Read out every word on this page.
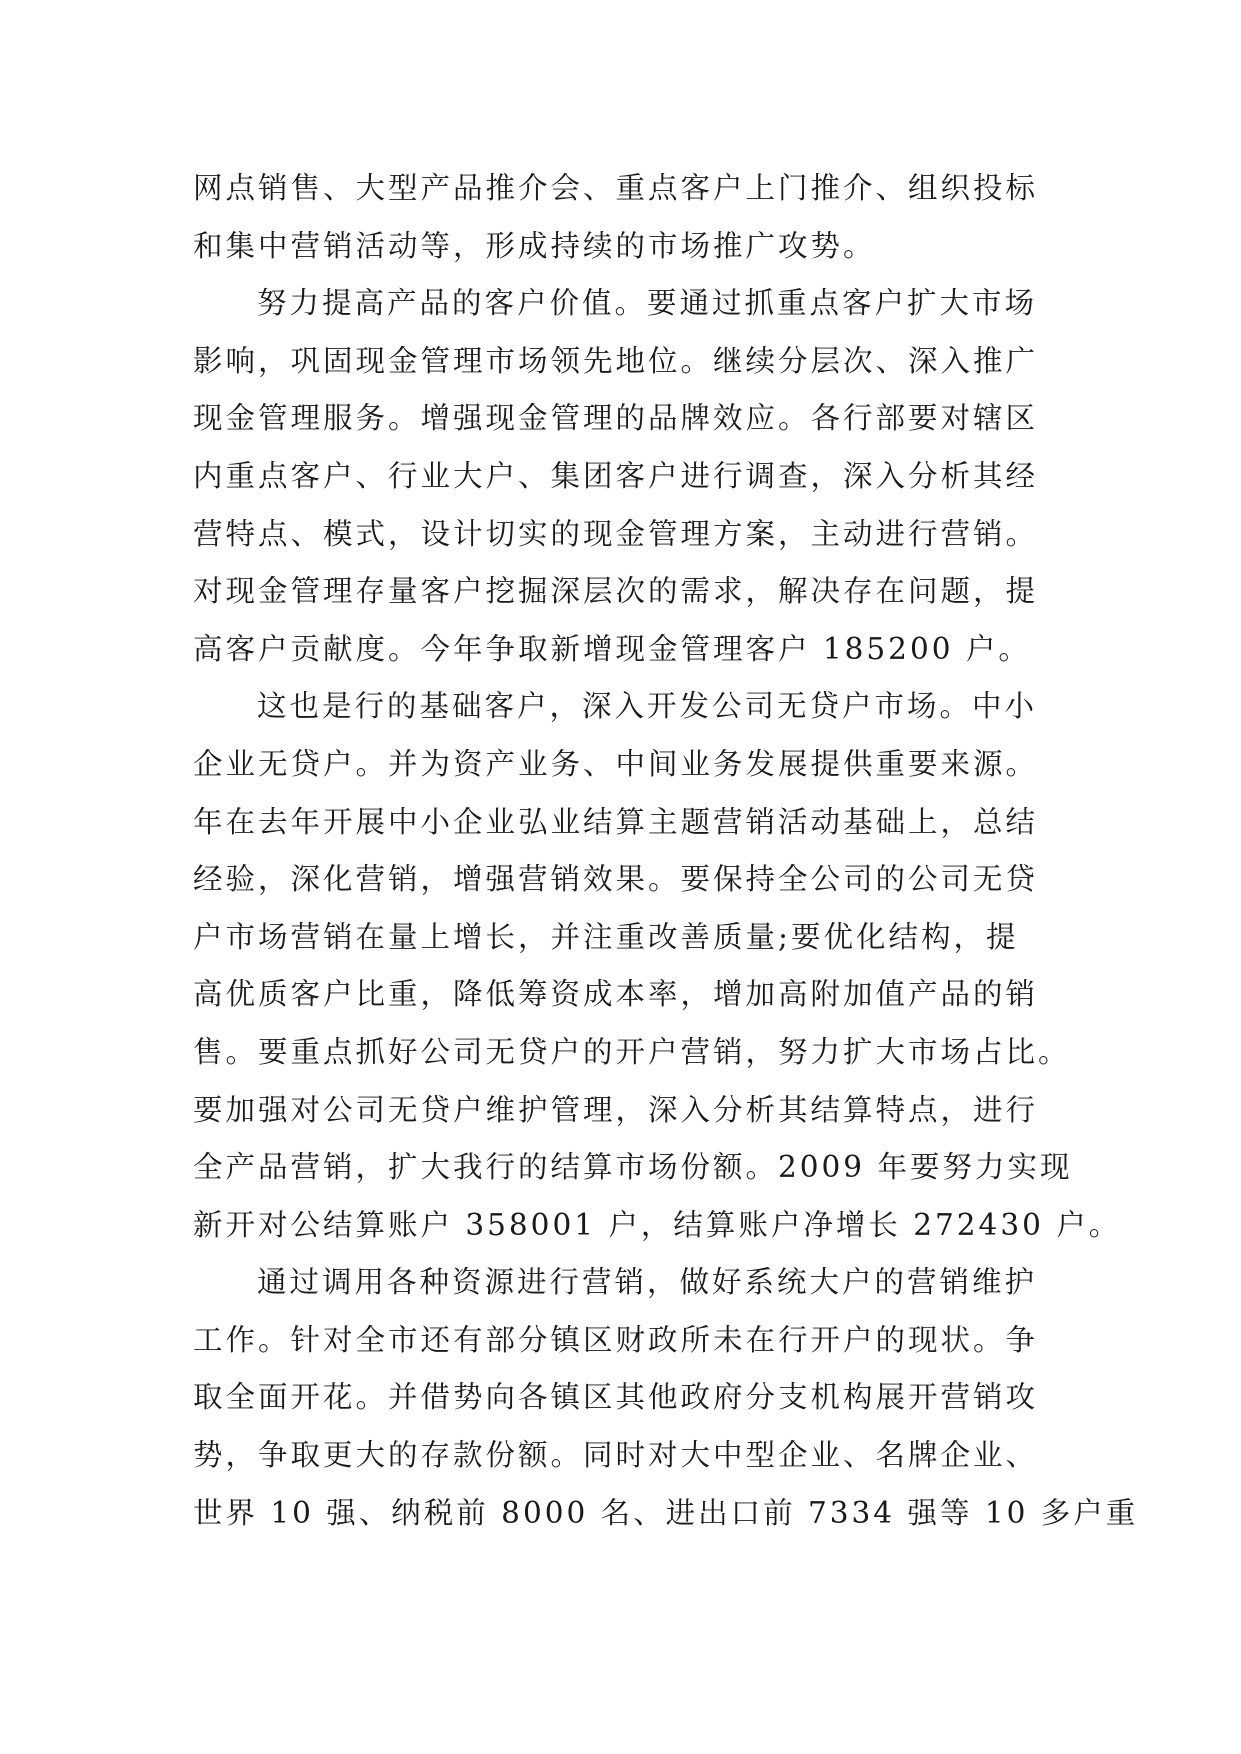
网点销售、大型产品推介会、重点客户上门推介、组织投标
和集中营销活动等，形成持续的市场推广攻势。
努力提高产品的客户价值。要通过抓重点客户扩大市场
影响，巩固现金管理市场领先地位。继续分层次、深入推广
现金管理服务。增强现金管理的品牌效应。各行部要对辖区
内重点客户、行业大户、集团客户进行调查，深入分析其经
营特点、模式，设计切实的现金管理方案，主动进行营销。
对现金管理存量客户挖掘深层次的需求，解决存在问题，提
高客户贡献度。今年争取新增现金管理客户 185200 户。
这也是行的基础客户，深入开发公司无贷户市场。中小
企业无贷户。并为资产业务、中间业务发展提供重要来源。
年在去年开展中小企业弘业结算主题营销活动基础上，总结
经验，深化营销，增强营销效果。要保持全公司的公司无贷
户市场营销在量上增长，并注重改善质量;要优化结构，提
高优质客户比重，降低筹资成本率，增加高附加值产品的销
售。要重点抓好公司无贷户的开户营销，努力扩大市场占比。
要加强对公司无贷户维护管理，深入分析其结算特点，进行
全产品营销，扩大我行的结算市场份额。2009 年要努力实现
新开对公结算账户 358001 户，结算账户净增长 272430 户。
通过调用各种资源进行营销，做好系统大户的营销维护
工作。针对全市还有部分镇区财政所未在行开户的现状。争
取全面开花。并借势向各镇区其他政府分支机构展开营销攻
势，争取更大的存款份额。同时对大中型企业、名牌企业、
世界 10 强、纳税前 8000 名、进出口前 7334 强等 10 多户重
